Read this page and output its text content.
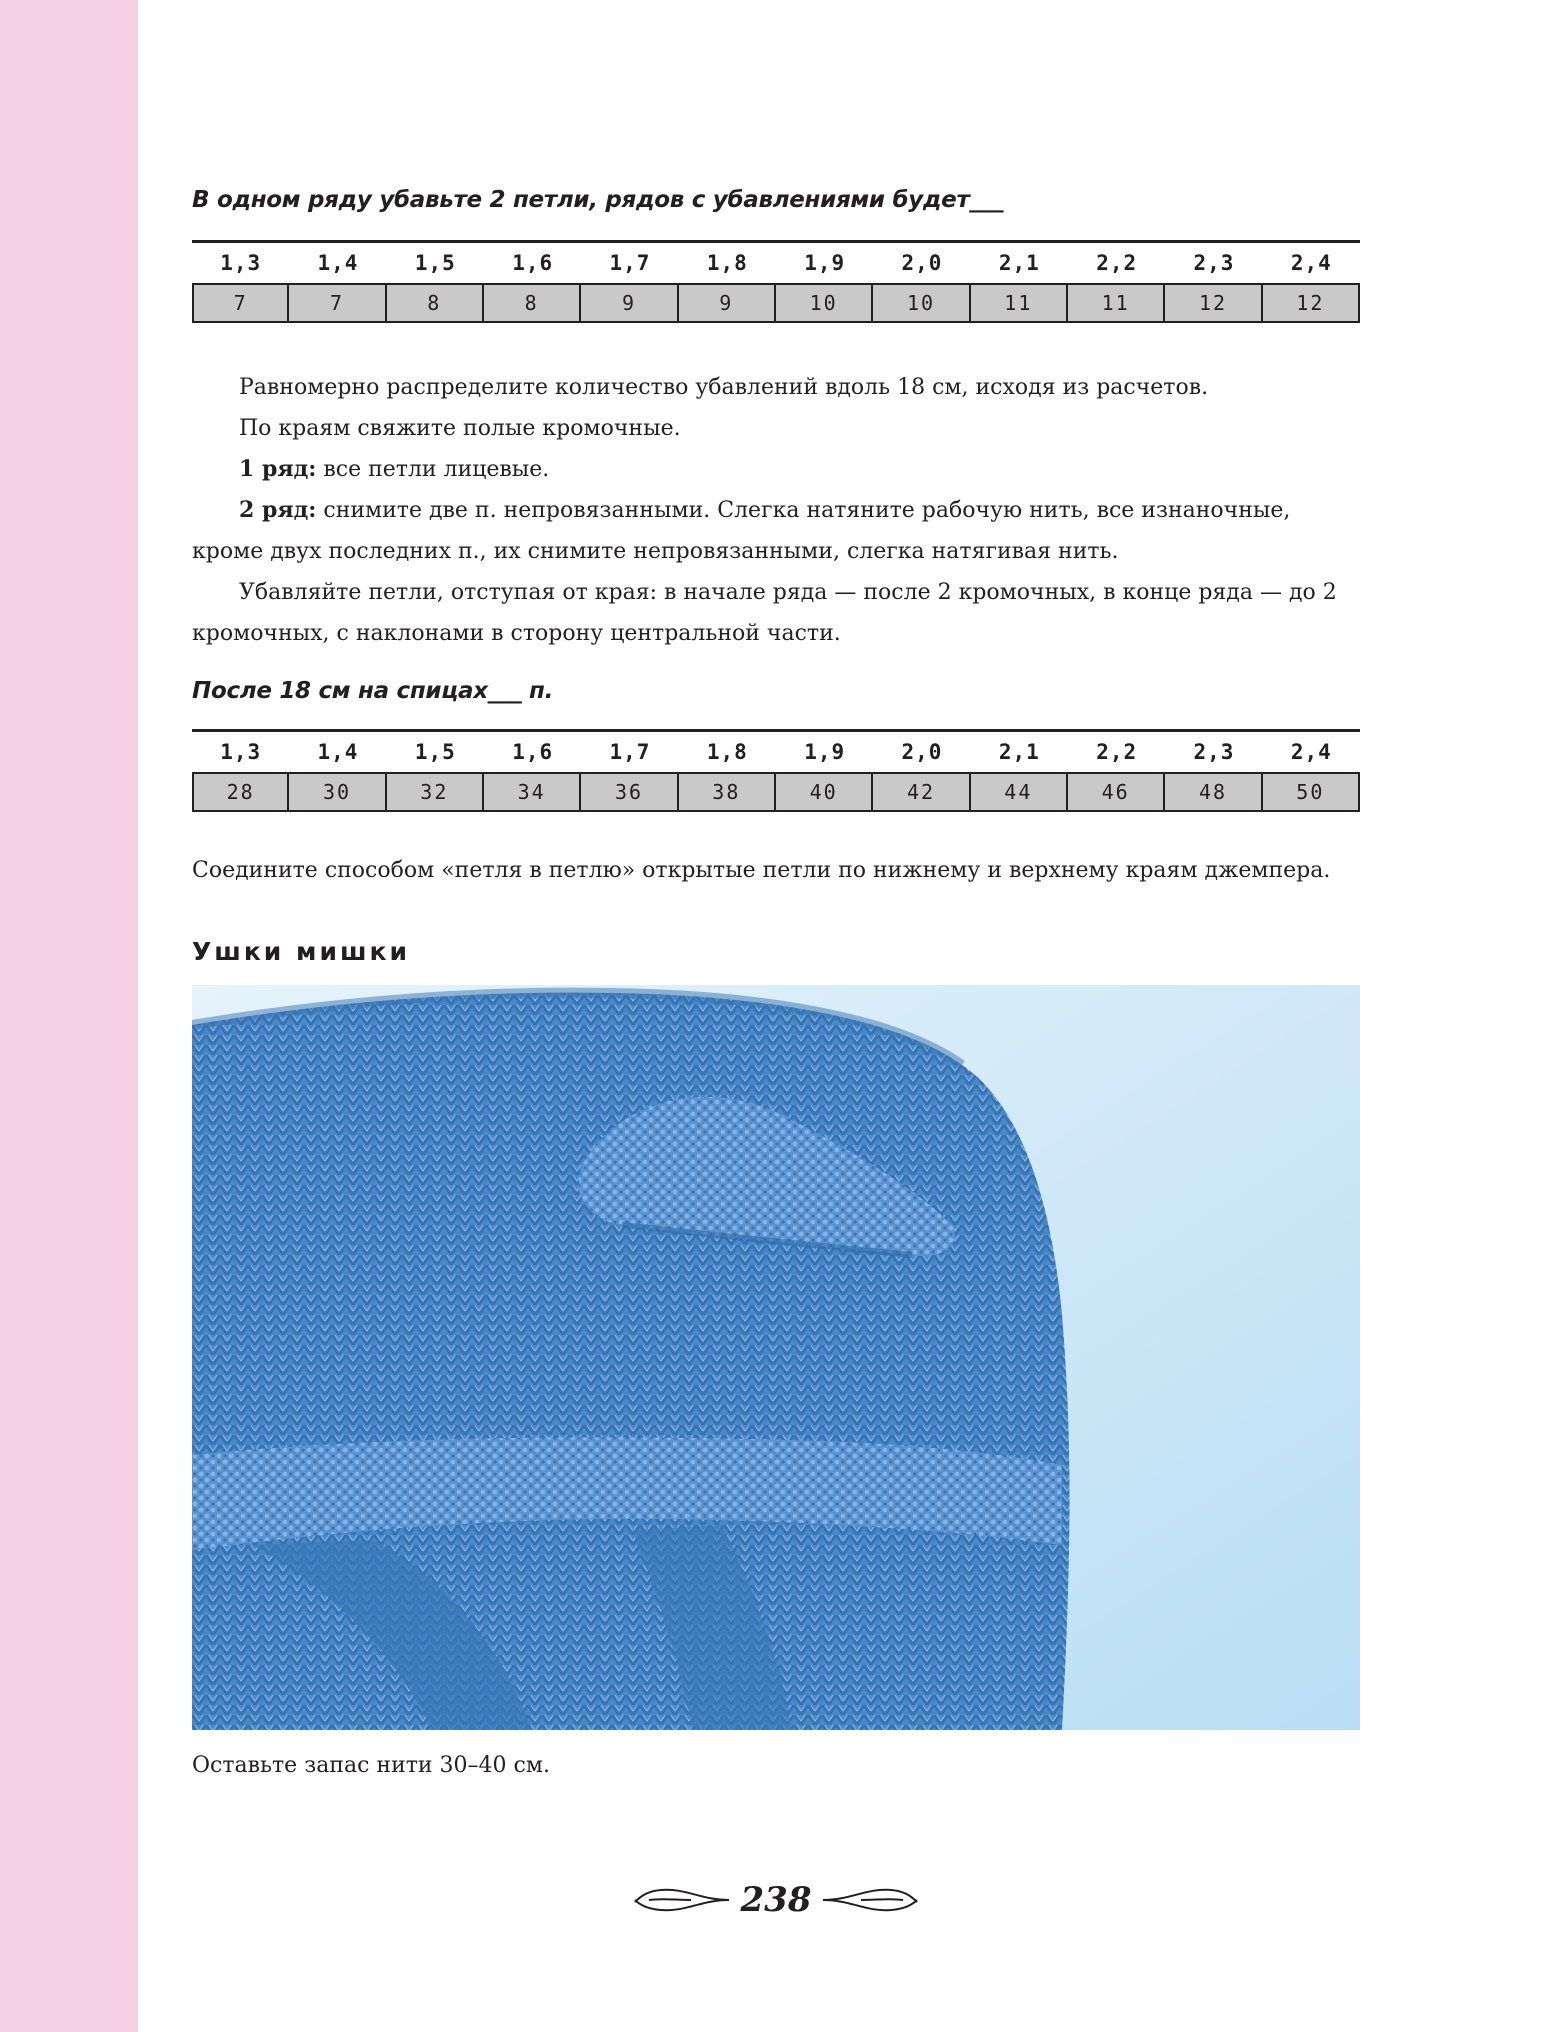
В одном ряду убавьте 2 петли, рядов с убавлениями будет___
1,3	1,4	1,5	1,6	1,7	1,8	1,9	2,0	2,1	2,2	2,3	2,4
7	7	8	8	9	9	10	10	11	11	12	12

Равномерно распределите количество убавлений вдоль 18 см, исходя из расчетов.

По краям свяжите полые кромочные.

1 ряд: все петли лицевые.

2 ряд: снимите две п. непровязанными. Слегка натяните рабочую нить, все изнаночные, кроме двух последних п., их снимите непровязанными, слегка натягивая нить.

Убавляйте петли, отступая от края: в начале ряда — после 2 кромочных, в конце ряда — до 2 кромочных, с наклонами в сторону центральной части.

После 18 см на спицах___ п.
1,3	1,4	1,5	1,6	1,7	1,8	1,9	2,0	2,1	2,2	2,3	2,4
28	30	32	34	36	38	40	42	44	46	48	50
Соедините способом «петля в петлю» открытые петли по нижнему и верхнему краям джемпера.
Ушки мишки
Оставьте запас нити 30–40 см.
238
